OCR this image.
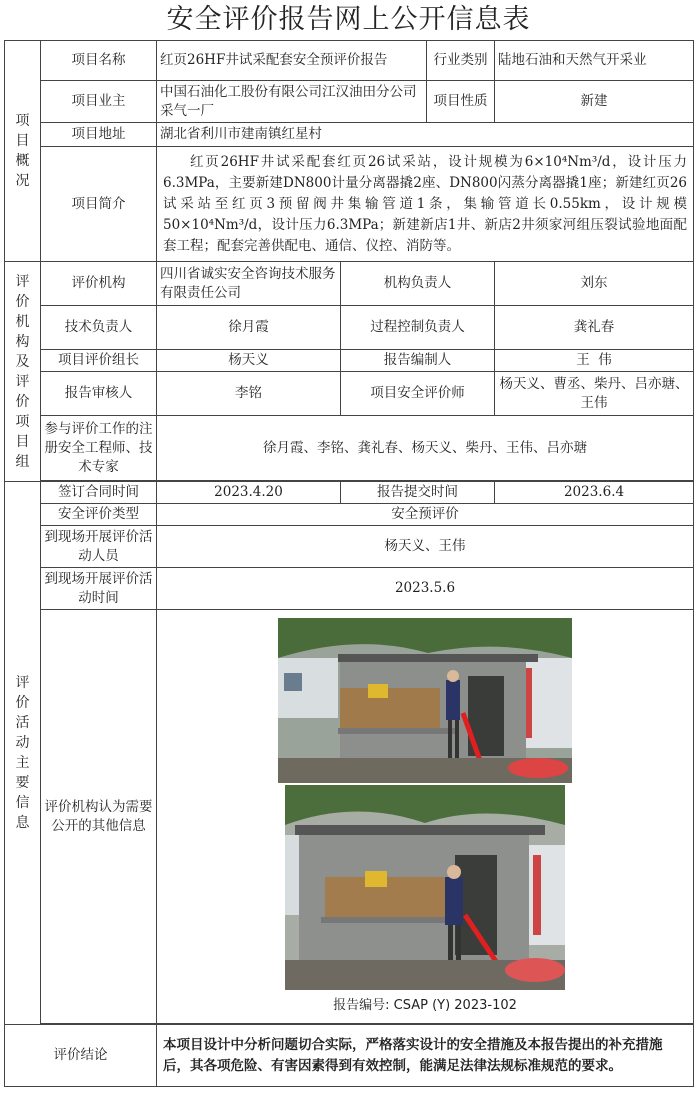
安全评价报告网上公开信息表
项目概况	项目名称	红页26HF井试采配套安全预评价报告		行业类别	陆地石油和天然气开采业
	项目业主	中国石油化工股份有限公司江汉油田分公司采气一厂		项目性质	新建
	项目地址	湖北省利川市建南镇红星村			
	项目简介	红页26HF井试采配套红页26试采站，设计规模为6×10⁴Nm³/d，设计压力6.3MPa，主要新建DN800计量分离器撬2座、DN800闪蒸分离器撬1座；新建红页26试采站至红页3预留阀井集输管道1条，集输管道长0.55km，设计规模50×10⁴Nm³/d，设计压力6.3MPa；新建新店1井、新店2井须家河组压裂试验地面配套工程；配套完善供配电、通信、仪控、消防等。			
评价机构及评价项目组	评价机构	四川省诚实安全咨询技术服务有限责任公司	机构负责人		刘东
	技术负责人	徐月霞	过程控制负责人		龚礼春
	项目评价组长	杨天义	报告编制人		王  伟
	报告审核人	李铭	项目安全评价师		杨天义、曹丞、柴丹、吕亦瑭、王伟
	参与评价工作的注册安全工程师、技术专家	徐月霞、李铭、龚礼春、杨天义、柴丹、王伟、吕亦瑭			

评价活动主要信息	签订合同时间	2023.4.20	报告提交时间		2023.6.4
	安全评价类型	安全预评价			
	到现场开展评价活动人员	杨天义、王伟			
	到现场开展评价活动时间	2023.5.6			
	评价机构认为需要公开的其他信息	报告编号: CSAP (Y) 2023-102			

评价结论		本项目设计中分析问题切合实际，严格落实设计的安全措施及本报告提出的补充措施后，其各项危险、有害因素得到有效控制，能满足法律法规标准规范的要求。			
